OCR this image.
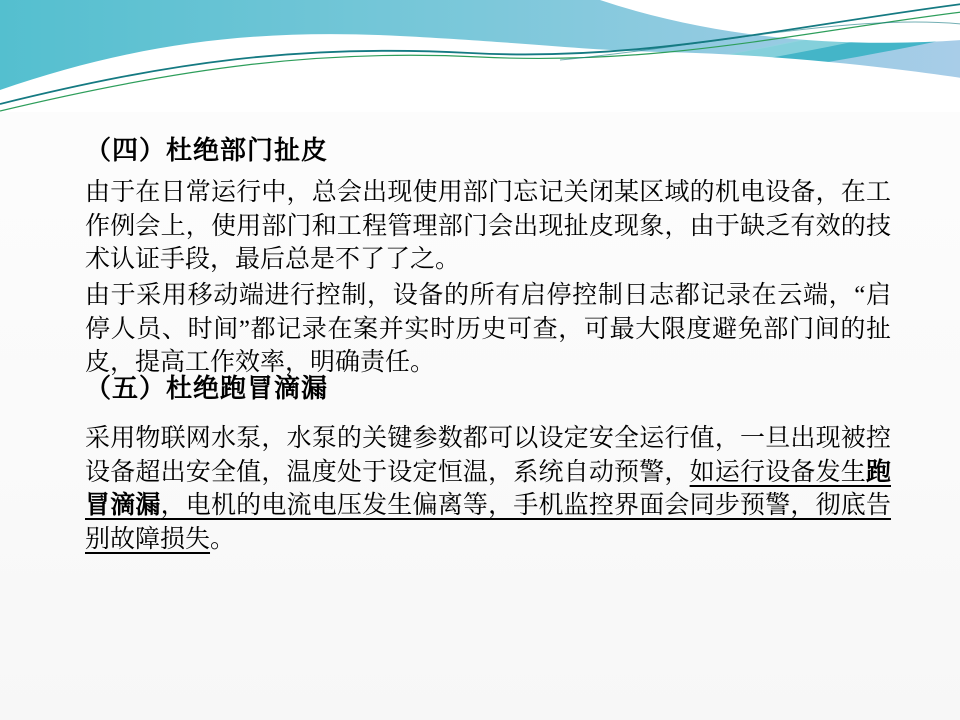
（四）杜绝部门扯皮
由于在日常运行中，总会出现使用部门忘记关闭某区域的机电设备，在工作例会上，使用部门和工程管理部门会出现扯皮现象，由于缺乏有效的技术认证手段，最后总是不了了之。
由于采用移动端进行控制，设备的所有启停控制日志都记录在云端，“启停人员、时间”都记录在案并实时历史可查，可最大限度避免部门间的扯皮，提高工作效率，明确责任。
（五）杜绝跑冒滴漏
采用物联网水泵，水泵的关键参数都可以设定安全运行值，一旦出现被控设备超出安全值，温度处于设定恒温，系统自动预警，如运行设备发生跑冒滴漏，电机的电流电压发生偏离等，手机监控界面会同步预警，彻底告别故障损失。
